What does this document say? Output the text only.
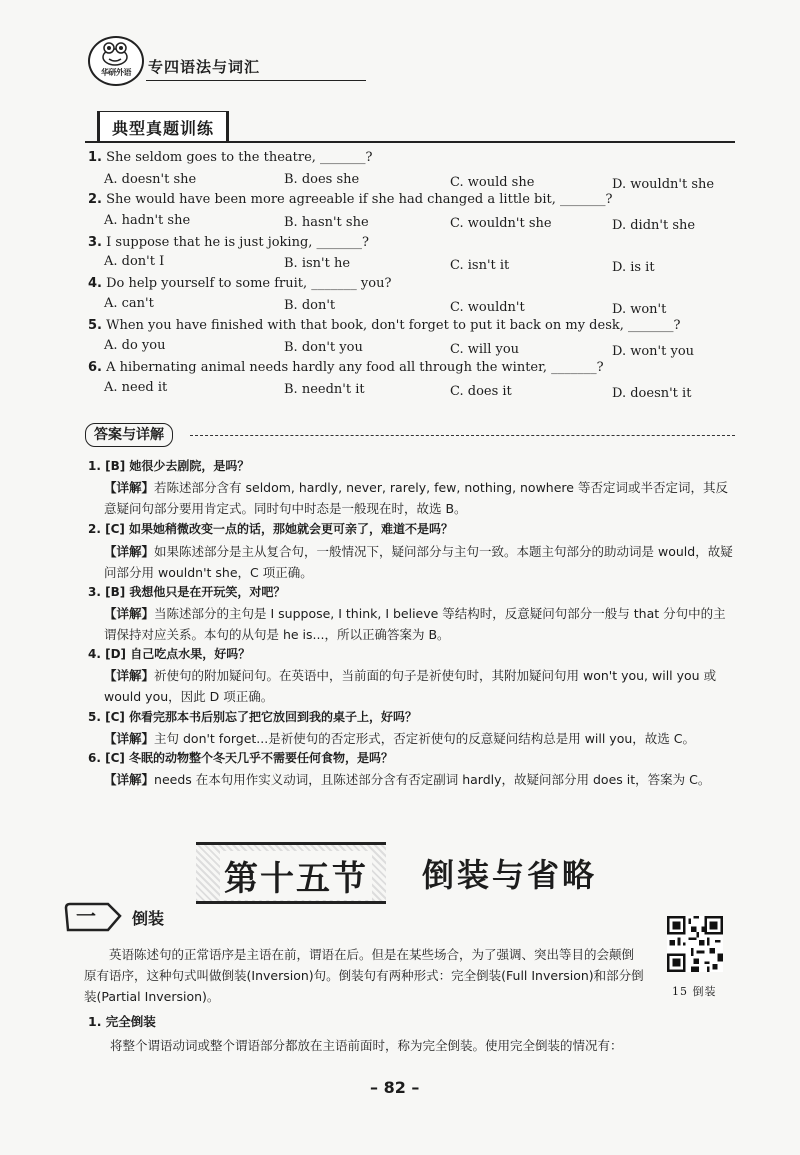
华研外语	专四语法与词汇
典型真题训练
1. She seldom goes to the theatre, _______?
A. doesn't she	B. does she	C. would she	D. wouldn't she
2. She would have been more agreeable if she had changed a little bit, _______?
A. hadn't she	B. hasn't she	C. wouldn't she	D. didn't she
3. I suppose that he is just joking, _______?
A. don't I	B. isn't he	C. isn't it	D. is it
4. Do help yourself to some fruit, _______ you?
A. can't	B. don't	C. wouldn't	D. won't
5. When you have finished with that book, don't forget to put it back on my desk, _______?
A. do you	B. don't you	C. will you	D. won't you
6. A hibernating animal needs hardly any food all through the winter, _______?
A. need it	B. needn't it	C. does it	D. doesn't it
答案与详解
1. [B] 她很少去剧院，是吗？
【详解】若陈述部分含有 seldom, hardly, never, rarely, few, nothing, nowhere 等否定词或半否定词，其反意疑问句部分要用肯定式。同时句中时态是一般现在时，故选 B。
2. [C] 如果她稍微改变一点的话，那她就会更可亲了，难道不是吗？
【详解】如果陈述部分是主从复合句，一般情况下，疑问部分与主句一致。本题主句部分的助动词是 would，故疑问部分用 wouldn't she，C 项正确。
3. [B] 我想他只是在开玩笑，对吧？
【详解】当陈述部分的主句是 I suppose, I think, I believe 等结构时，反意疑问句部分一般与 that 分句中的主谓保持对应关系。本句的从句是 he is...，所以正确答案为 B。
4. [D] 自己吃点水果，好吗？
【详解】祈使句的附加疑问句。在英语中，当前面的句子是祈使句时，其附加疑问句用 won't you, will you 或 would you，因此 D 项正确。
5. [C] 你看完那本书后别忘了把它放回到我的桌子上，好吗？
【详解】主句 don't forget...是祈使句的否定形式，否定祈使句的反意疑问结构总是用 will you，故选 C。
6. [C] 冬眠的动物整个冬天几乎不需要任何食物，是吗？
【详解】needs 在本句用作实义动词，且陈述部分含有否定副词 hardly，故疑问部分用 does it，答案为 C。
第十五节 倒装与省略
一 倒装
15 倒装
英语陈述句的正常语序是主语在前，谓语在后。但是在某些场合，为了强调、突出等目的会颠倒原有语序，这种句式叫做倒装(Inversion)句。倒装句有两种形式：完全倒装(Full Inversion)和部分倒装(Partial Inversion)。
1. 完全倒装
将整个谓语动词或整个谓语部分都放在主语前面时，称为完全倒装。使用完全倒装的情况有：
– 82 –
